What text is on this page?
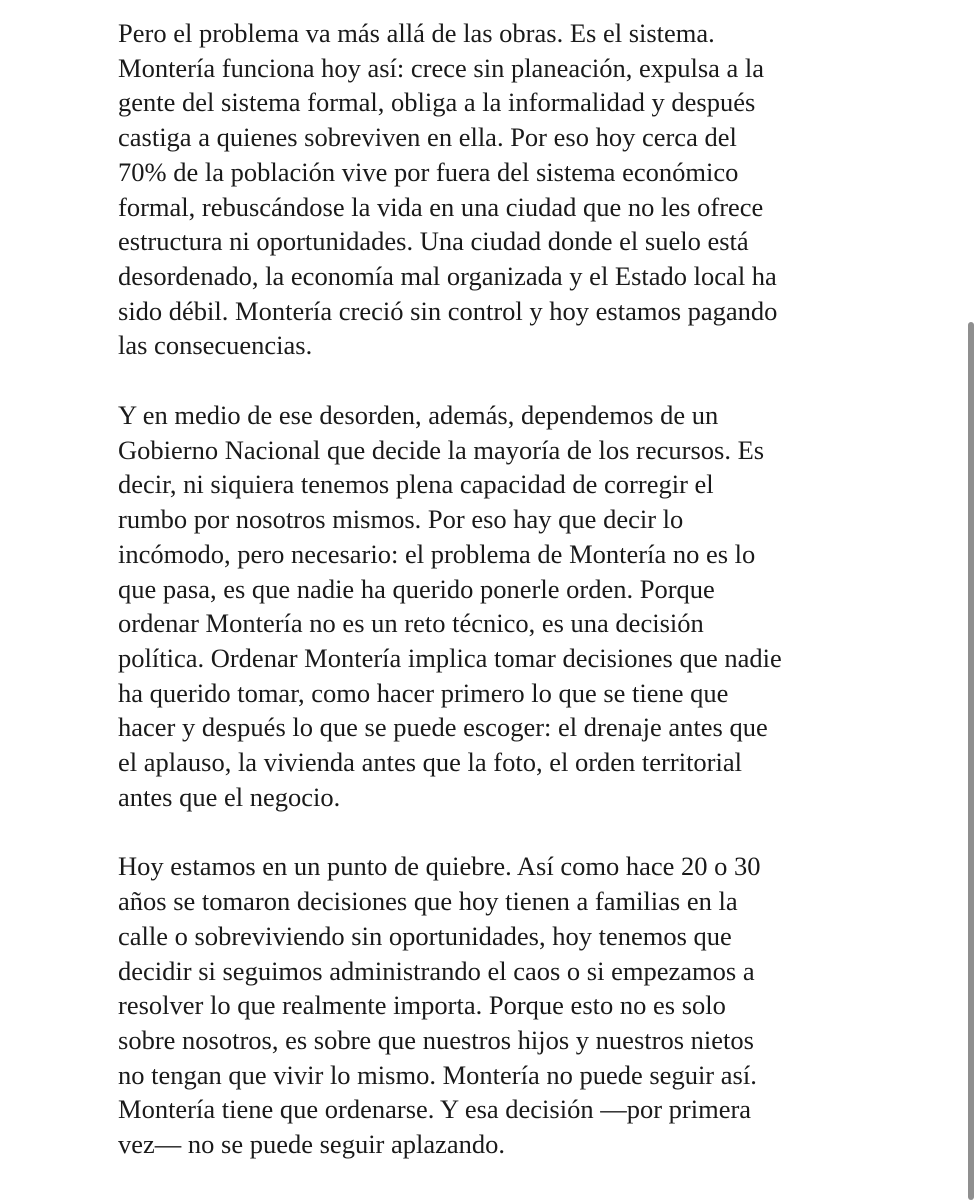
Pero el problema va más allá de las obras. Es el sistema.
Montería funciona hoy así: crece sin planeación, expulsa a la
gente del sistema formal, obliga a la informalidad y después
castiga a quienes sobreviven en ella. Por eso hoy cerca del
70% de la población vive por fuera del sistema económico
formal, rebuscándose la vida en una ciudad que no les ofrece
estructura ni oportunidades. Una ciudad donde el suelo está
desordenado, la economía mal organizada y el Estado local ha
sido débil. Montería creció sin control y hoy estamos pagando
las consecuencias.

Y en medio de ese desorden, además, dependemos de un
Gobierno Nacional que decide la mayoría de los recursos. Es
decir, ni siquiera tenemos plena capacidad de corregir el
rumbo por nosotros mismos. Por eso hay que decir lo
incómodo, pero necesario: el problema de Montería no es lo
que pasa, es que nadie ha querido ponerle orden. Porque
ordenar Montería no es un reto técnico, es una decisión
política. Ordenar Montería implica tomar decisiones que nadie
ha querido tomar, como hacer primero lo que se tiene que
hacer y después lo que se puede escoger: el drenaje antes que
el aplauso, la vivienda antes que la foto, el orden territorial
antes que el negocio.

Hoy estamos en un punto de quiebre. Así como hace 20 o 30
años se tomaron decisiones que hoy tienen a familias en la
calle o sobreviviendo sin oportunidades, hoy tenemos que
decidir si seguimos administrando el caos o si empezamos a
resolver lo que realmente importa. Porque esto no es solo
sobre nosotros, es sobre que nuestros hijos y nuestros nietos
no tengan que vivir lo mismo. Montería no puede seguir así.
Montería tiene que ordenarse. Y esa decisión —por primera
vez— no se puede seguir aplazando.
